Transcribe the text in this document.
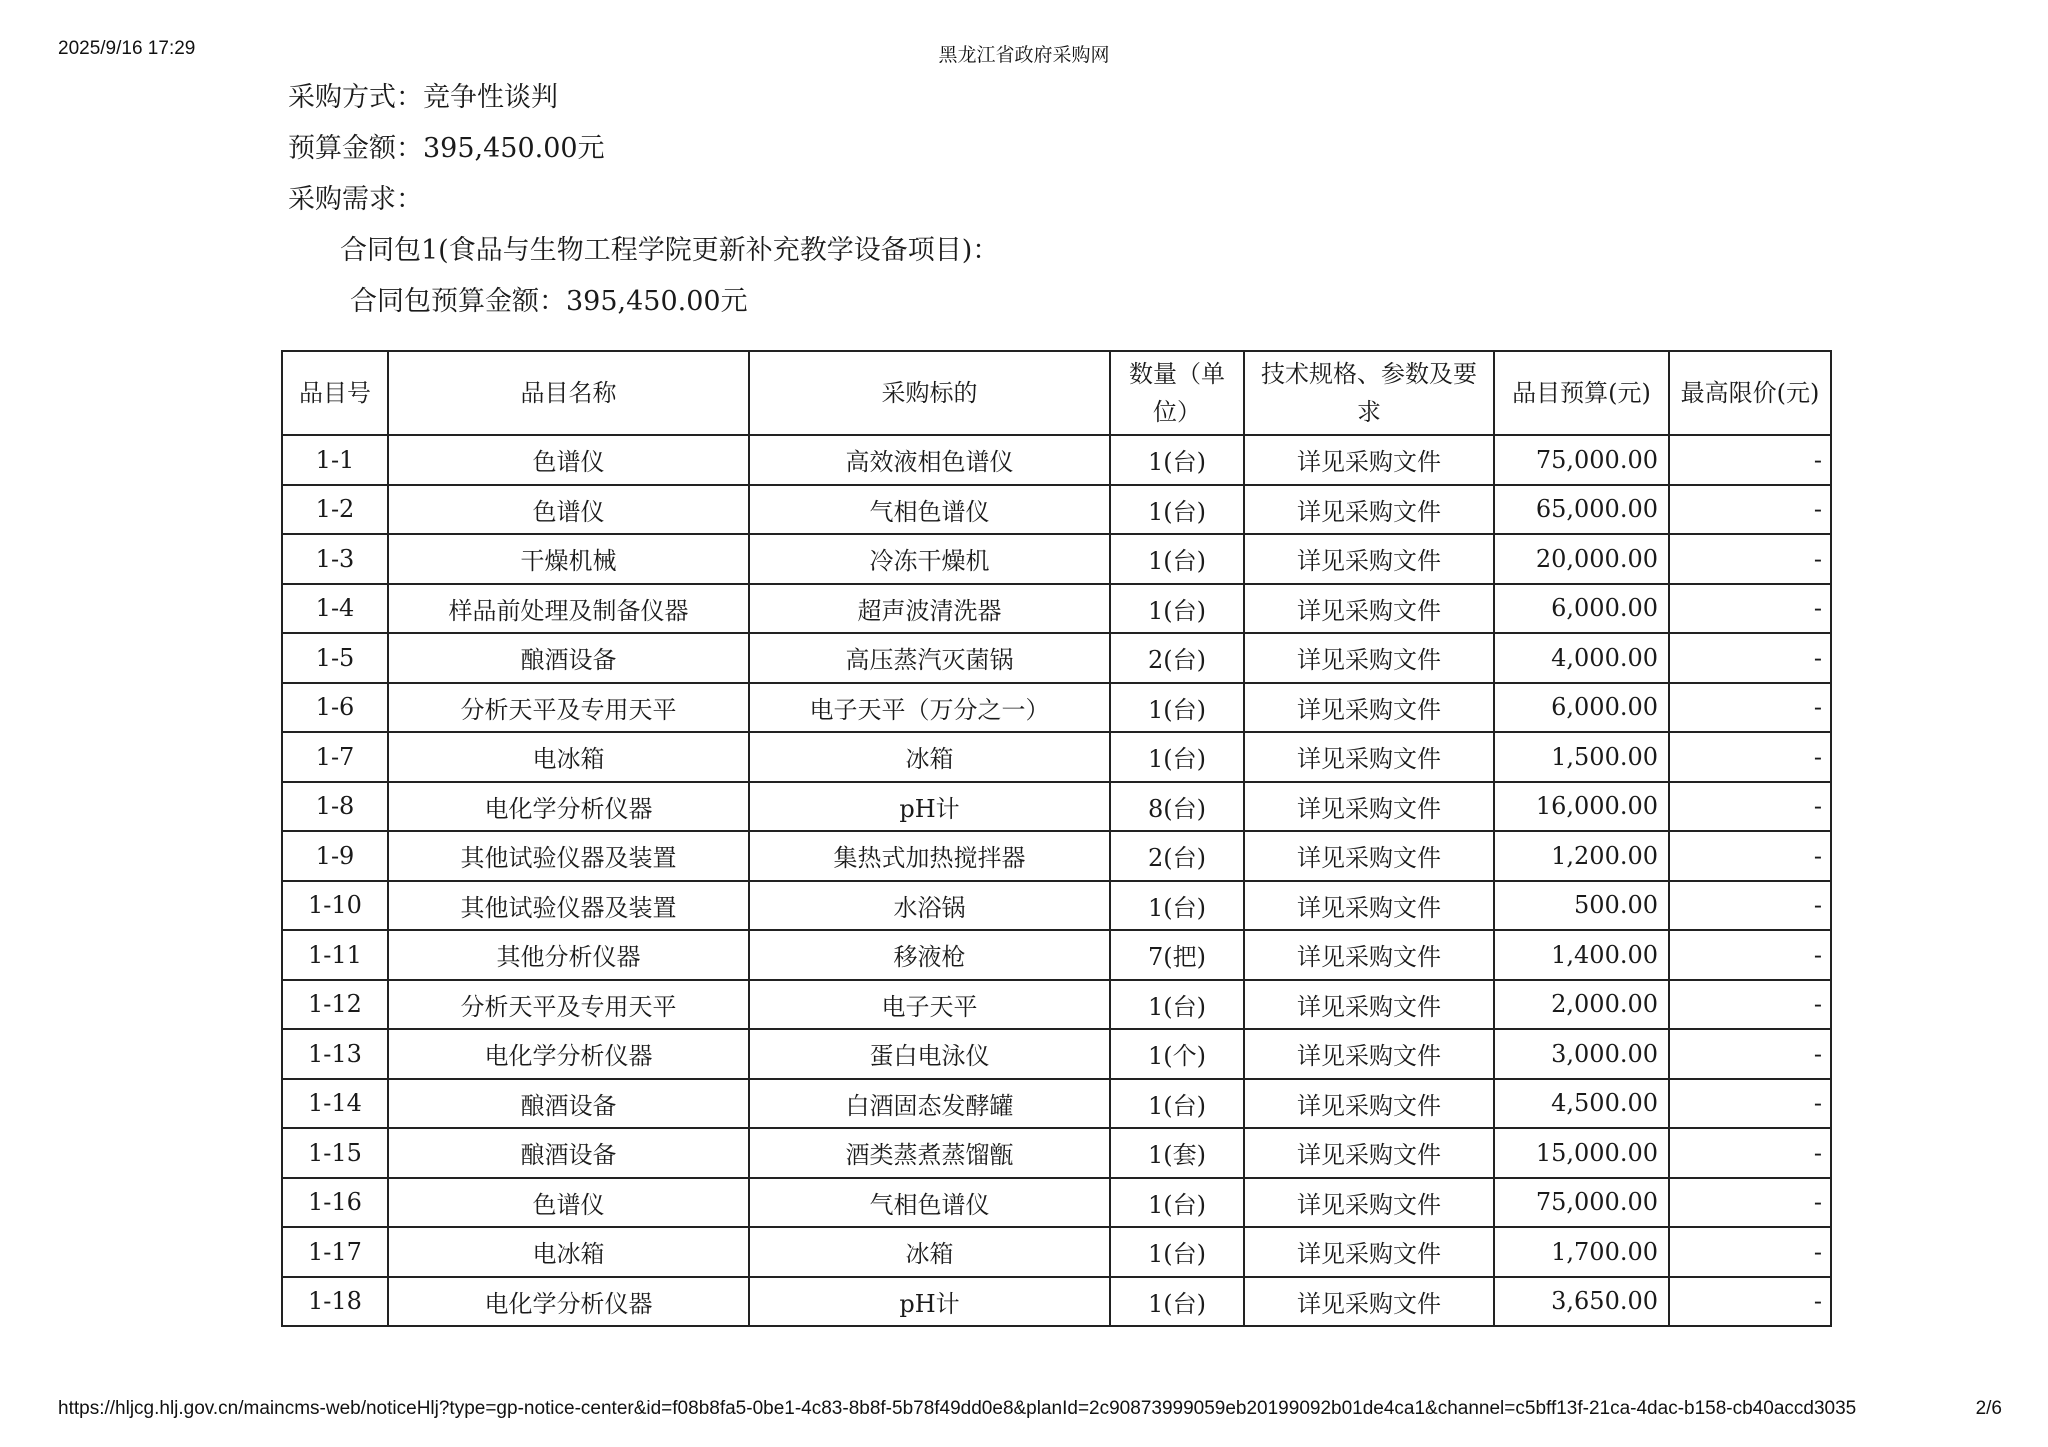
2025/9/16 17:29	黑龙江省政府采购网
采购方式：竞争性谈判
预算金额：395,450.00元
采购需求：
合同包1(食品与生物工程学院更新补充教学设备项目)：
合同包预算金额：395,450.00元
品目号	品目名称	采购标的	数量（单位）	技术规格、参数及要求	品目预算(元)	最高限价(元)
1-1	色谱仪	高效液相色谱仪	1(台)	详见采购文件	75,000.00	-
1-2	色谱仪	气相色谱仪	1(台)	详见采购文件	65,000.00	-
1-3	干燥机械	冷冻干燥机	1(台)	详见采购文件	20,000.00	-
1-4	样品前处理及制备仪器	超声波清洗器	1(台)	详见采购文件	6,000.00	-
1-5	酿酒设备	高压蒸汽灭菌锅	2(台)	详见采购文件	4,000.00	-
1-6	分析天平及专用天平	电子天平（万分之一）	1(台)	详见采购文件	6,000.00	-
1-7	电冰箱	冰箱	1(台)	详见采购文件	1,500.00	-
1-8	电化学分析仪器	pH计	8(台)	详见采购文件	16,000.00	-
1-9	其他试验仪器及装置	集热式加热搅拌器	2(台)	详见采购文件	1,200.00	-
1-10	其他试验仪器及装置	水浴锅	1(台)	详见采购文件	500.00	-
1-11	其他分析仪器	移液枪	7(把)	详见采购文件	1,400.00	-
1-12	分析天平及专用天平	电子天平	1(台)	详见采购文件	2,000.00	-
1-13	电化学分析仪器	蛋白电泳仪	1(个)	详见采购文件	3,000.00	-
1-14	酿酒设备	白酒固态发酵罐	1(台)	详见采购文件	4,500.00	-
1-15	酿酒设备	酒类蒸煮蒸馏甑	1(套)	详见采购文件	15,000.00	-
1-16	色谱仪	气相色谱仪	1(台)	详见采购文件	75,000.00	-
1-17	电冰箱	冰箱	1(台)	详见采购文件	1,700.00	-
1-18	电化学分析仪器	pH计	1(台)	详见采购文件	3,650.00	-
https://hljcg.hlj.gov.cn/maincms-web/noticeHlj?type=gp-notice-center&id=f08b8fa5-0be1-4c83-8b8f-5b78f49dd0e8&planId=2c90873999059eb20199092b01de4ca1&channel=c5bff13f-21ca-4dac-b158-cb40accd3035	2/6
